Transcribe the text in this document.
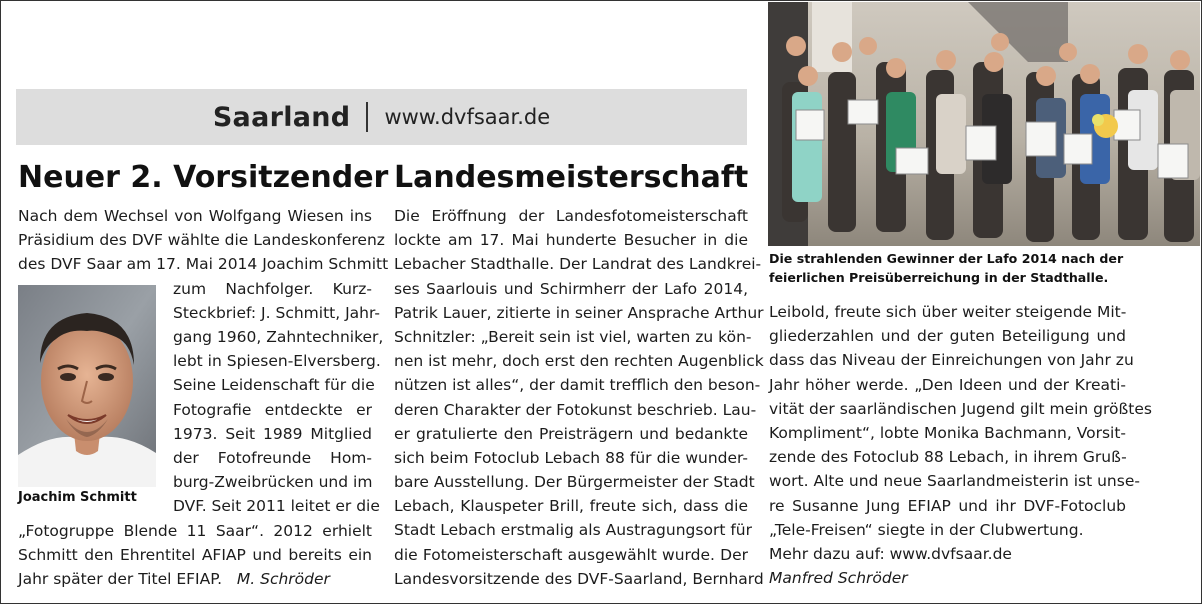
Saarland www.dvfsaar.de
Neuer 2. Vorsitzender
Nach dem Wechsel von Wolfgang Wiesen ins
Präsidium des DVF wählte die Landeskonferenz
des DVF Saar am 17. Mai 2014 Joachim Schmitt
zum Nachfolger. Kurz-
Steckbrief: J. Schmitt, Jahr-
gang 1960, Zahntechniker,
lebt in Spiesen-Elversberg.
Seine Leidenschaft für die
Fotografie entdeckte er
1973. Seit 1989 Mitglied
der Fotofreunde Hom-
burg-Zweibrücken und im
DVF. Seit 2011 leitet er die
„Fotogruppe Blende 11 Saar“. 2012 erhielt
Schmitt den Ehrentitel AFIAP und bereits ein
Jahr später der Titel EFIAP. M. Schröder
Joachim Schmitt
Landesmeisterschaft
Die Eröffnung der Landesfotomeisterschaft
lockte am 17. Mai hunderte Besucher in die
Lebacher Stadthalle. Der Landrat des Landkrei-
ses Saarlouis und Schirmherr der Lafo 2014,
Patrik Lauer, zitierte in seiner Ansprache Arthur
Schnitzler: „Bereit sein ist viel, warten zu kön-
nen ist mehr, doch erst den rechten Augenblick
nützen ist alles“, der damit trefflich den beson-
deren Charakter der Fotokunst beschrieb. Lau-
er gratulierte den Preisträgern und bedankte
sich beim Fotoclub Lebach 88 für die wunder-
bare Ausstellung. Der Bürgermeister der Stadt
Lebach, Klauspeter Brill, freute sich, dass die
Stadt Lebach erstmalig als Austragungsort für
die Fotomeisterschaft ausgewählt wurde. Der
Landesvorsitzende des DVF-Saarland, Bernhard
Die strahlenden Gewinner der Lafo 2014 nach der
feierlichen Preisüberreichung in der Stadthalle.
Leibold, freute sich über weiter steigende Mit-
gliederzahlen und der guten Beteiligung und
dass das Niveau der Einreichungen von Jahr zu
Jahr höher werde. „Den Ideen und der Kreati-
vität der saarländischen Jugend gilt mein größtes
Kompliment“, lobte Monika Bachmann, Vorsit-
zende des Fotoclub 88 Lebach, in ihrem Gruß-
wort. Alte und neue Saarlandmeisterin ist unse-
re Susanne Jung EFIAP und ihr DVF-Fotoclub
„Tele-Freisen“ siegte in der Clubwertung.
Mehr dazu auf: www.dvfsaar.de
Manfred Schröder
